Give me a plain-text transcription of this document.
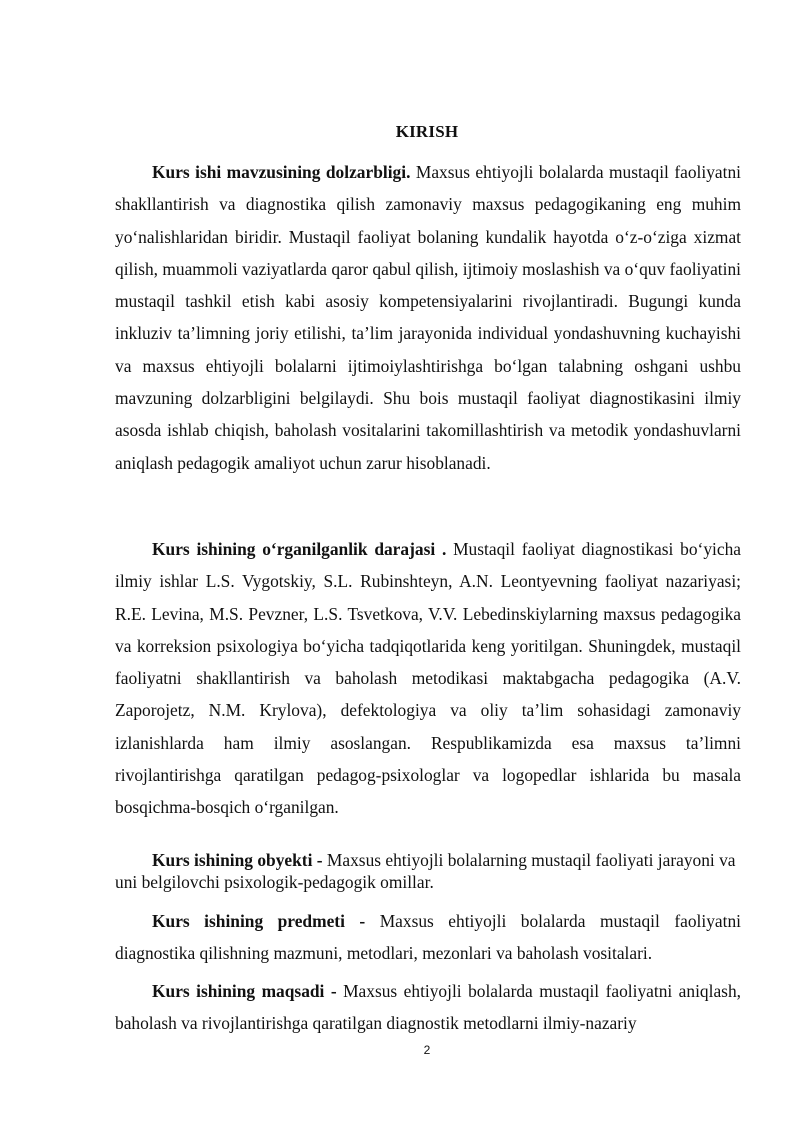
KIRISH

Kurs ishi mavzusining dolzarbligi. Maxsus ehtiyojli bolalarda mustaqil faoliyatni shakllantirish va diagnostika qilish zamonaviy maxsus pedagogikaning eng muhim yoʻnalishlaridan biridir. Mustaqil faoliyat bolaning kundalik hayotda oʻz-oʻziga xizmat qilish, muammoli vaziyatlarda qaror qabul qilish, ijtimoiy moslashish va oʻquv faoliyatini mustaqil tashkil etish kabi asosiy kompetensiyalarini rivojlantiradi. Bugungi kunda inkluziv taʼlimning joriy etilishi, taʼlim jarayonida individual yondashuvning kuchayishi va maxsus ehtiyojli bolalarni ijtimoiylashtirishga boʻlgan talabning oshgani ushbu mavzuning dolzarbligini belgilaydi. Shu bois mustaqil faoliyat diagnostikasini ilmiy asosda ishlab chiqish, baholash vositalarini takomillashtirish va metodik yondashuvlarni aniqlash pedagogik amaliyot uchun zarur hisoblanadi.

Kurs ishining oʻrganilganlik darajasi . Mustaqil faoliyat diagnostikasi boʻyicha ilmiy ishlar L.S. Vygotskiy, S.L. Rubinshteyn, A.N. Leontyevning faoliyat nazariyasi; R.E. Levina, M.S. Pevzner, L.S. Tsvetkova, V.V. Lebedinskiylarning maxsus pedagogika va korreksion psixologiya boʻyicha tadqiqotlarida keng yoritilgan. Shuningdek, mustaqil faoliyatni shakllantirish va baholash metodikasi maktabgacha pedagogika (A.V. Zaporojetz, N.M. Krylova), defektologiya va oliy taʼlim sohasidagi zamonaviy izlanishlarda ham ilmiy asoslangan. Respublikamizda esa maxsus taʼlimni rivojlantirishga qaratilgan pedagog-psixologlar va logopedlar ishlarida bu masala bosqichma-bosqich oʻrganilgan.

Kurs ishining obyekti - Maxsus ehtiyojli bolalarning mustaqil faoliyati jarayoni va uni belgilovchi psixologik-pedagogik omillar.

Kurs ishining predmeti - Maxsus ehtiyojli bolalarda mustaqil faoliyatni diagnostika qilishning mazmuni, metodlari, mezonlari va baholash vositalari.

Kurs ishining maqsadi - Maxsus ehtiyojli bolalarda mustaqil faoliyatni aniqlash, baholash va rivojlantirishga qaratilgan diagnostik metodlarni ilmiy-nazariy

2
